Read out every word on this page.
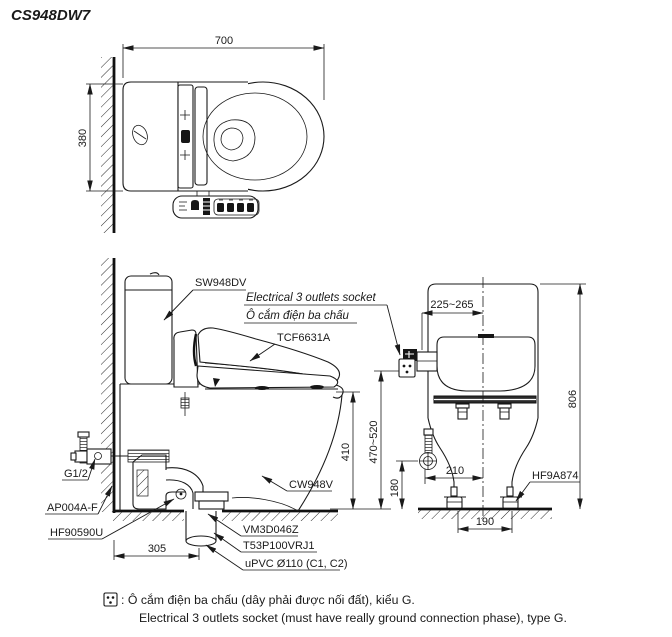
CS948DW7
700
380
SW948DV
Electrical 3 outlets socket
Ô cắm điện ba chấu
TCF6631A
CW948V
G1/2
AP004A-F
HF90590U	VM3D046Z
T53P100VRJ1
uPVC Ø110 (C1, C2)
410 470~520
305
225~265
806
180
210
190
HF9A874
: Ô cắm điện ba chấu (dây phải được nối đất), kiểu G.
Electrical 3 outlets socket (must have really ground connection phase), type G.
